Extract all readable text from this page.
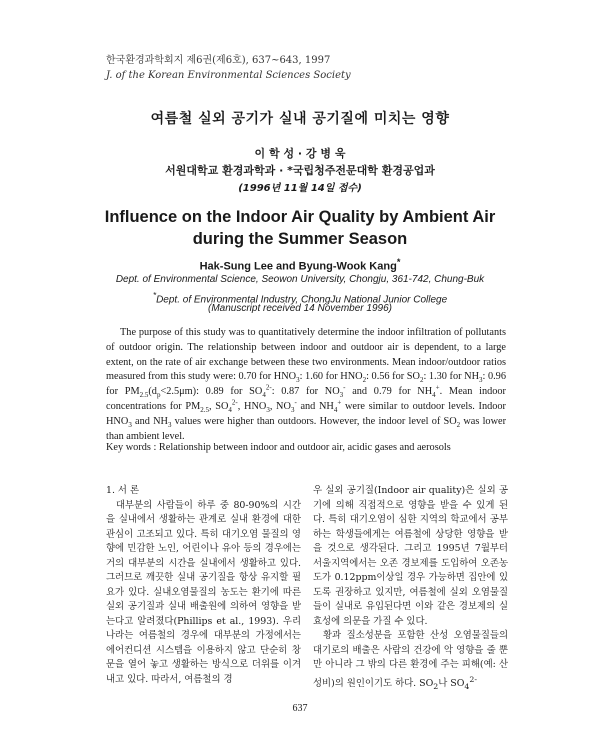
한국환경과학회지 제6권(제6호), 637~643, 1997
J. of the Korean Environmental Sciences Society
여름철 실외 공기가 실내 공기질에 미치는 영향
이 학 성 · 강 병 욱
서원대학교 환경과학과 · *국립청주전문대학 환경공업과
(1996년 11월 14일 접수)
Influence on the Indoor Air Quality by Ambient Air
during the Summer Season
Hak-Sung Lee and Byung-Wook Kang*
Dept. of Environmental Science, Seowon University, Chongju, 361-742, Chung-Buk
*Dept. of Environmental Industry, ChongJu National Junior College
(Manuscript received 14 November 1996)
The purpose of this study was to quantitatively determine the indoor infiltration of pollutants of outdoor origin. The relationship between indoor and outdoor air is dependent, to a large extent, on the rate of air exchange between these two environments. Mean indoor/outdoor ratios measured from this study were: 0.70 for $HNO_3$: 1.60 for $HNO_2$: 0.56 for $SO_2$: 1.30 for $NH_3$: 0.96 for $PM_{2.5}(d_p<2.5\mu m)$: 0.89 for $SO_4^{2-}$: 0.87 for $NO_3^-$ and 0.79 for $NH_4^+$. Mean indoor concentrations for $PM_{2.5}$, $SO_4^{2-}$, $HNO_3$, $NO_3^-$ and $NH_4^+$ were similar to outdoor levels. Indoor $HNO_3$ and $NH_3$ values were higher than outdoors. However, the indoor level of $SO_2$ was lower than ambient level.
Key words : Relationship between indoor and outdoor air, acidic gases and aerosols

1. 서 론

대부분의 사람들이 하루 중 80-90%의 시간을 실내에서 생활하는 관계로 실내 환경에 대한 관심이 고조되고 있다. 특히 대기오염 물질의 영향에 민감한 노인, 어린이나 유아 등의 경우에는 거의 대부분의 시간을 실내에서 생활하고 있다. 그러므로 깨끗한 실내 공기질을 항상 유지할 필요가 있다. 실내오염물질의 농도는 환기에 따른 실외 공기질과 실내 배출원에 의하여 영향을 받는다고 알려졌다(Phillips et al., 1993). 우리나라는 여름철의 경우에 대부분의 가정에서는 에어컨디션 시스템을 이용하지 않고 단순히 창문을 열어 놓고 생활하는 방식으로 더위를 이겨내고 있다. 따라서, 여름철의 경

우 실외 공기질(Indoor air quality)은 실외 공기에 의해 직접적으로 영향을 받을 수 있게 된다. 특히 대기오염이 심한 지역의 학교에서 공부하는 학생들에게는 여름철에 상당한 영향을 받을 것으로 생각된다. 그리고 1995년 7월부터 서울지역에서는 오존 경보제를 도입하여 오존농도가 0.12ppm이상일 경우 가능하면 집안에 있도록 권장하고 있지만, 여름철에 실외 오염물질들이 실내로 유입된다면 이와 같은 경보제의 실효성에 의문을 가질 수 있다.

황과 질소성분을 포함한 산성 오염물질들의 대기로의 배출은 사람의 건강에 악 영향을 줄 뿐만 아니라 그 밖의 다른 환경에 주는 피해(예: 산성비)의 원인이기도 하다. $SO_2$나 $SO_4^{2-}$

637
